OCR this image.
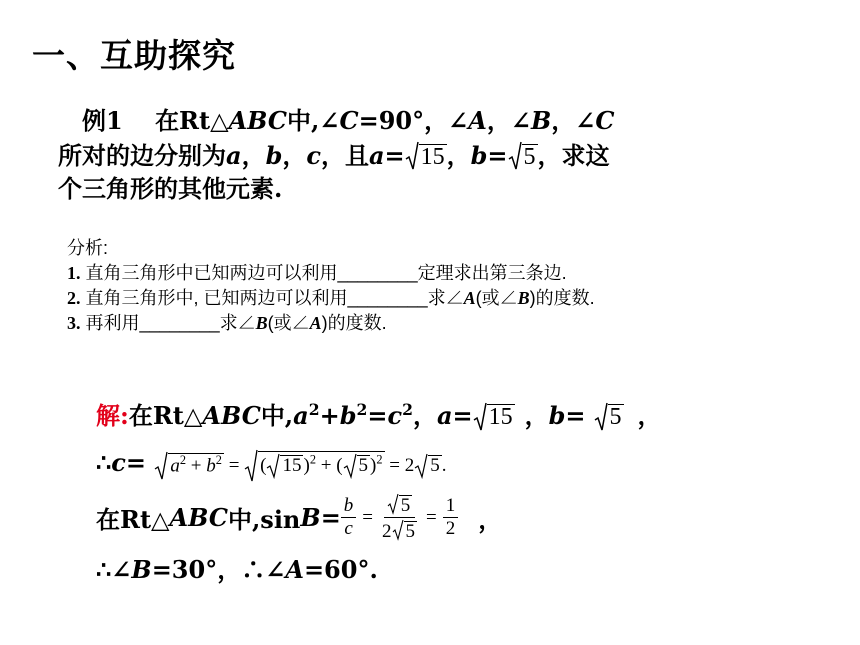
一、互助探究
例1 在Rt△ABC中,∠C=90°，∠A，∠B，∠C
所对的边分别为a，b，c，且a= 15，b= 5，求这
个三角形的其他元素.
分析:
1. 直角三角形中已知两边可以利用________定理求出第三条边.
2. 直角三角形中, 已知两边可以利用________求∠A(或∠B)的度数.
3. 再利用________求∠B(或∠A)的度数.
解:在Rt△ABC中$,a^2+b^2=c^2$，a= 15 ，b= 5 ，
∴c= $a^2 + b^2$ =
( 15 )$^2$ + ( 5 )$^2$ = 2 5 .
在Rt△ ABC 中,sin $B = \frac{b}{c} = \frac{5}{2 5} = \frac{1}{2}$ ，
∴∠B=30°，∴∠A=60°.
